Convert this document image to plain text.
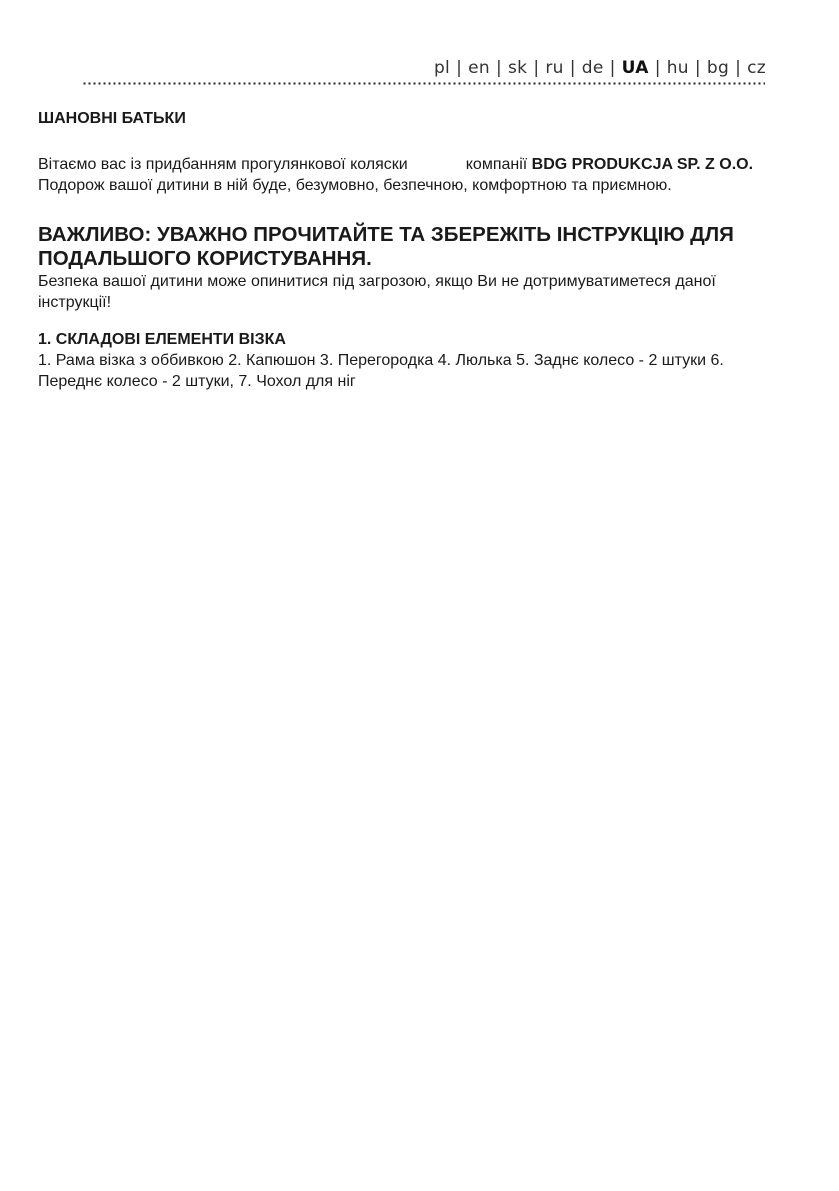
pl | en | sk | ru | de | UA | hu | bg | cz
ШАНОВНІ БАТЬКИ

Вітаємо вас із придбанням прогулянкової коляски	компанії BDG PRODUKCJA SP. Z O.O. Подорож вашої дитини в ній буде, безумовно, безпечною, комфортною та приємною.

ВАЖЛИВО: УВАЖНО ПРОЧИТАЙТЕ ТА ЗБЕРЕЖІТЬ ІНСТРУКЦІЮ ДЛЯ ПОДАЛЬШОГО КОРИСТУВАННЯ.

Безпека вашої дитини може опинитися під загрозою, якщо Ви не дотримуватиметеся даної інструкції!

1. СКЛАДОВІ ЕЛЕМЕНТИ ВІЗКА

1. Рама візка з оббивкою 2. Капюшон 3. Перегородка 4. Люлька 5. Заднє колесо - 2 штуки 6. Переднє колесо - 2 штуки, 7. Чохол для ніг
